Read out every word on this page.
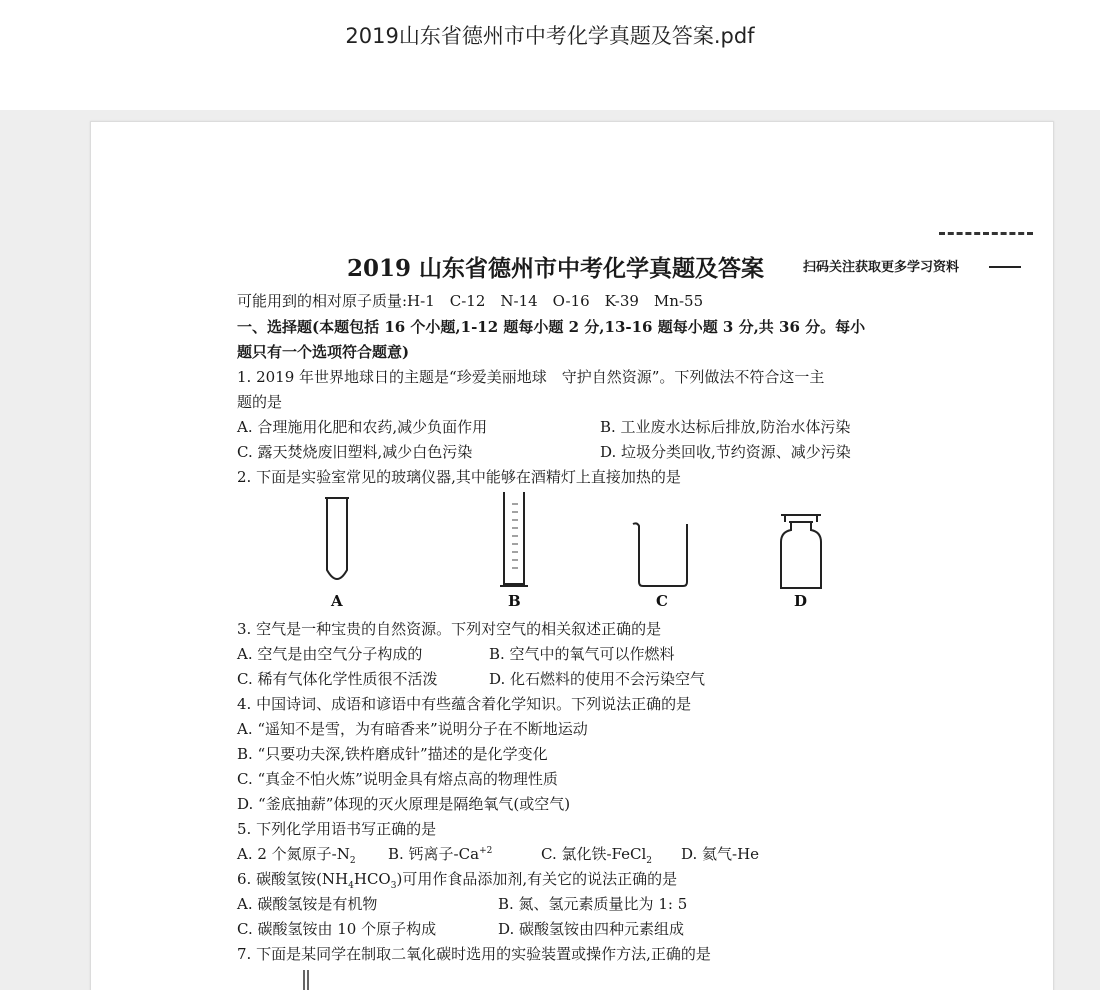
2019山东省德州市中考化学真题及答案.pdf
2019 山东省德州市中考化学真题及答案	扫码关注获取更多学习资料
可能用到的相对原子质量:H-1　C-12　N-14　O-16　K-39　Mn-55
一、选择题(本题包括 16 个小题,1-12 题每小题 2 分,13-16 题每小题 3 分,共 36 分。每小
题只有一个选项符合题意)
1. 2019 年世界地球日的主题是“珍爱美丽地球　守护自然资源”。下列做法不符合这一主
题的是
A. 合理施用化肥和农药,减少负面作用	B. 工业废水达标后排放,防治水体污染
C. 露天焚烧废旧塑料,减少白色污染	D. 垃圾分类回收,节约资源、减少污染
2. 下面是实验室常见的玻璃仪器,其中能够在酒精灯上直接加热的是
A	B	C	D
3. 空气是一种宝贵的自然资源。下列对空气的相关叙述正确的是
A. 空气是由空气分子构成的	B. 空气中的氧气可以作燃料
C. 稀有气体化学性质很不活泼	D. 化石燃料的使用不会污染空气
4. 中国诗词、成语和谚语中有些蕴含着化学知识。下列说法正确的是
A. “遥知不是雪，为有暗香来”说明分子在不断地运动
B. “只要功夫深,铁杵磨成针”描述的是化学变化
C. “真金不怕火炼”说明金具有熔点高的物理性质
D. “釜底抽薪”体现的灭火原理是隔绝氧气(或空气)
5. 下列化学用语书写正确的是
A. 2 个氮原子$-N_2$ B. 钙离子$-Ca^{+2}$	C. 氯化铁-FeCl$_2$ D. 氦气-He
6. 碳酸氢铵$(NH_4HCO_3)$可用作食品添加剂,有关它的说法正确的是
A. 碳酸氢铵是有机物	B. 氮、氢元素质量比为 1: 5
C. 碳酸氢铵由 10 个原子构成	D. 碳酸氢铵由四种元素组成
7. 下面是某同学在制取二氧化碳时选用的实验装置或操作方法,正确的是
